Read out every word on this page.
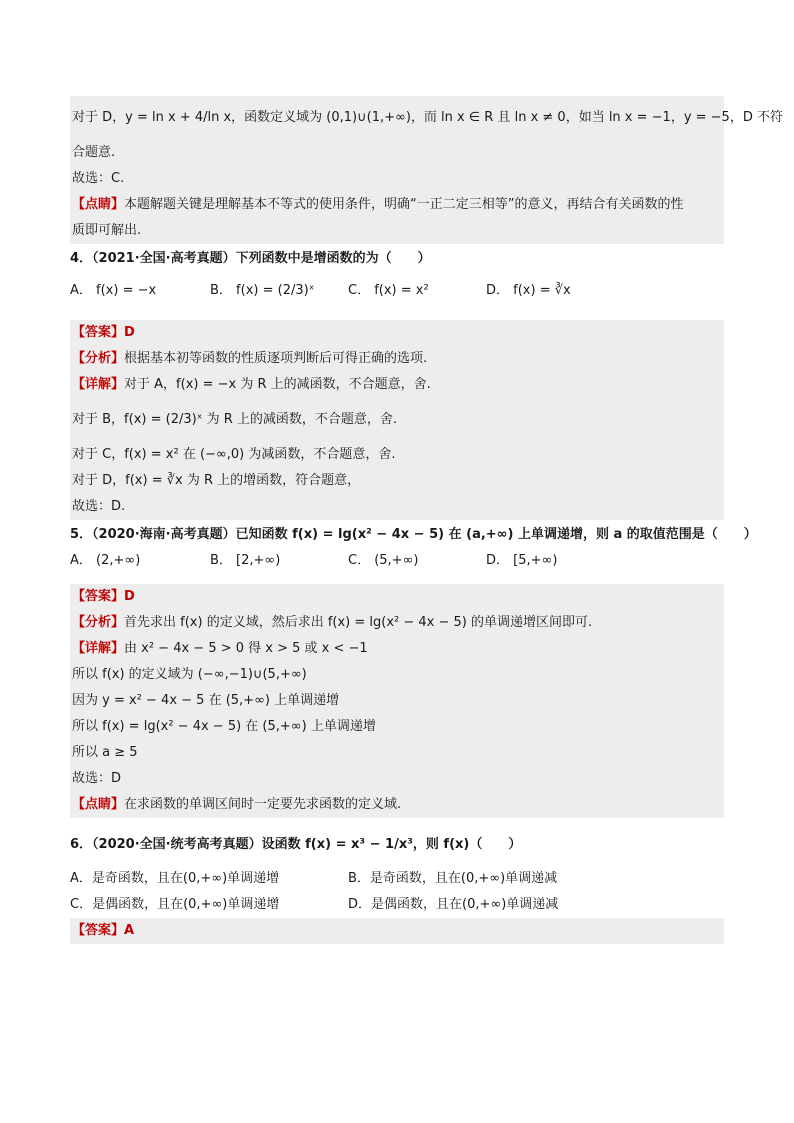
对于 D，y = ln x + 4/ln x，函数定义域为 (0,1)∪(1,+∞)，而 ln x ∈ R 且 ln x ≠ 0，如当 ln x = −1，y = −5，D 不符
合题意.
故选：C.
【点睛】本题解题关键是理解基本不等式的使用条件，明确“一正二定三相等”的意义，再结合有关函数的性
质即可解出.
4．（2021·全国·高考真题）下列函数中是增函数的为（　　）
A． f(x) = −x	B． f(x) = (2/3)ˣ	C． f(x) = x²	D． f(x) = ∛x
【答案】D
【分析】根据基本初等函数的性质逐项判断后可得正确的选项.
【详解】对于 A，f(x) = −x 为 R 上的减函数，不合题意，舍.
对于 B，f(x) = (2/3)ˣ 为 R 上的减函数，不合题意，舍.
对于 C，f(x) = x² 在 (−∞,0) 为减函数，不合题意，舍.
对于 D，f(x) = ∛x 为 R 上的增函数，符合题意，
故选：D.
5．（2020·海南·高考真题）已知函数 f(x) = lg(x² − 4x − 5) 在 (a,+∞) 上单调递增，则 a 的取值范围是（　　）
A． (2,+∞)	B． [2,+∞)	C． (5,+∞)	D． [5,+∞)
【答案】D
【分析】首先求出 f(x) 的定义域，然后求出 f(x) = lg(x² − 4x − 5) 的单调递增区间即可.
【详解】由 x² − 4x − 5 > 0 得 x > 5 或 x < −1
所以 f(x) 的定义域为 (−∞,−1)∪(5,+∞)
因为 y = x² − 4x − 5 在 (5,+∞) 上单调递增
所以 f(x) = lg(x² − 4x − 5) 在 (5,+∞) 上单调递增
所以 a ≥ 5
故选：D
【点睛】在求函数的单调区间时一定要先求函数的定义域.
6．（2020·全国·统考高考真题）设函数 f(x) = x³ − 1/x³，则 f(x)（　　）
A．是奇函数，且在(0,+∞)单调递增	B．是奇函数，且在(0,+∞)单调递减
C．是偶函数，且在(0,+∞)单调递增	D．是偶函数，且在(0,+∞)单调递减
【答案】A
